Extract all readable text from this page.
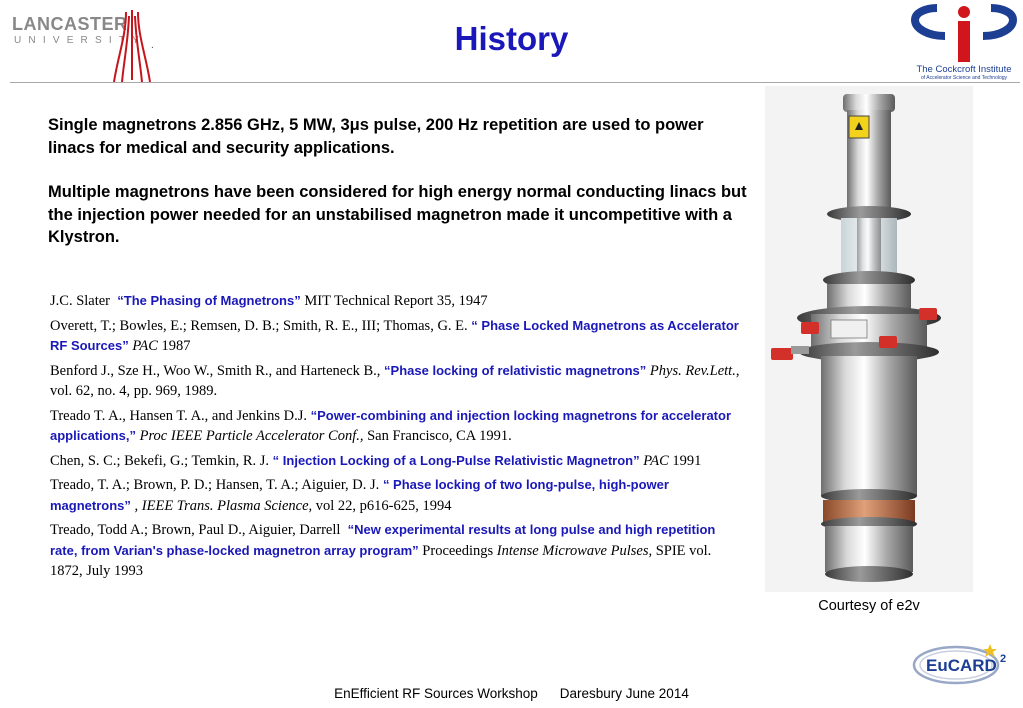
LANCASTER
UNIVERSITY .	History
The Cockcroft Institute
of Accelerator Science and Technology
Single magnetrons 2.856 GHz, 5 MW, 3μs pulse, 200 Hz repetition are used to power linacs for medical and security applications.
Multiple magnetrons have been considered for high energy normal conducting linacs but the injection power needed for an unstabilised magnetron made it uncompetitive with a Klystron.
J.C. Slater “The Phasing of Magnetrons” MIT Technical Report 35, 1947
Overett, T.; Bowles, E.; Remsen, D. B.; Smith, R. E., III; Thomas, G. E. “ Phase Locked Magnetrons as Accelerator RF Sources” PAC 1987
Benford J., Sze H., Woo W., Smith R., and Harteneck B., “Phase locking of relativistic magnetrons” Phys. Rev.Lett., vol. 62, no. 4, pp. 969, 1989.
Treado T. A., Hansen T. A., and Jenkins D.J. “Power-combining and injection locking magnetrons for accelerator applications,” Proc IEEE Particle Accelerator Conf., San Francisco, CA 1991.
Chen, S. C.; Bekefi, G.; Temkin, R. J. “ Injection Locking of a Long-Pulse Relativistic Magnetron” PAC 1991
Treado, T. A.; Brown, P. D.; Hansen, T. A.; Aiguier, D. J. “ Phase locking of two long-pulse, high-power magnetrons” , IEEE Trans. Plasma Science, vol 22, p616-625, 1994
Treado, Todd A.; Brown, Paul D., Aiguier, Darrell “New experimental results at long pulse and high repetition rate, from Varian's phase-locked magnetron array program” Proceedings Intense Microwave Pulses, SPIE vol. 1872, July 1993
Courtesy of e2v
EuCARD 2
EnEfficient RF Sources Workshop Daresbury June 2014
